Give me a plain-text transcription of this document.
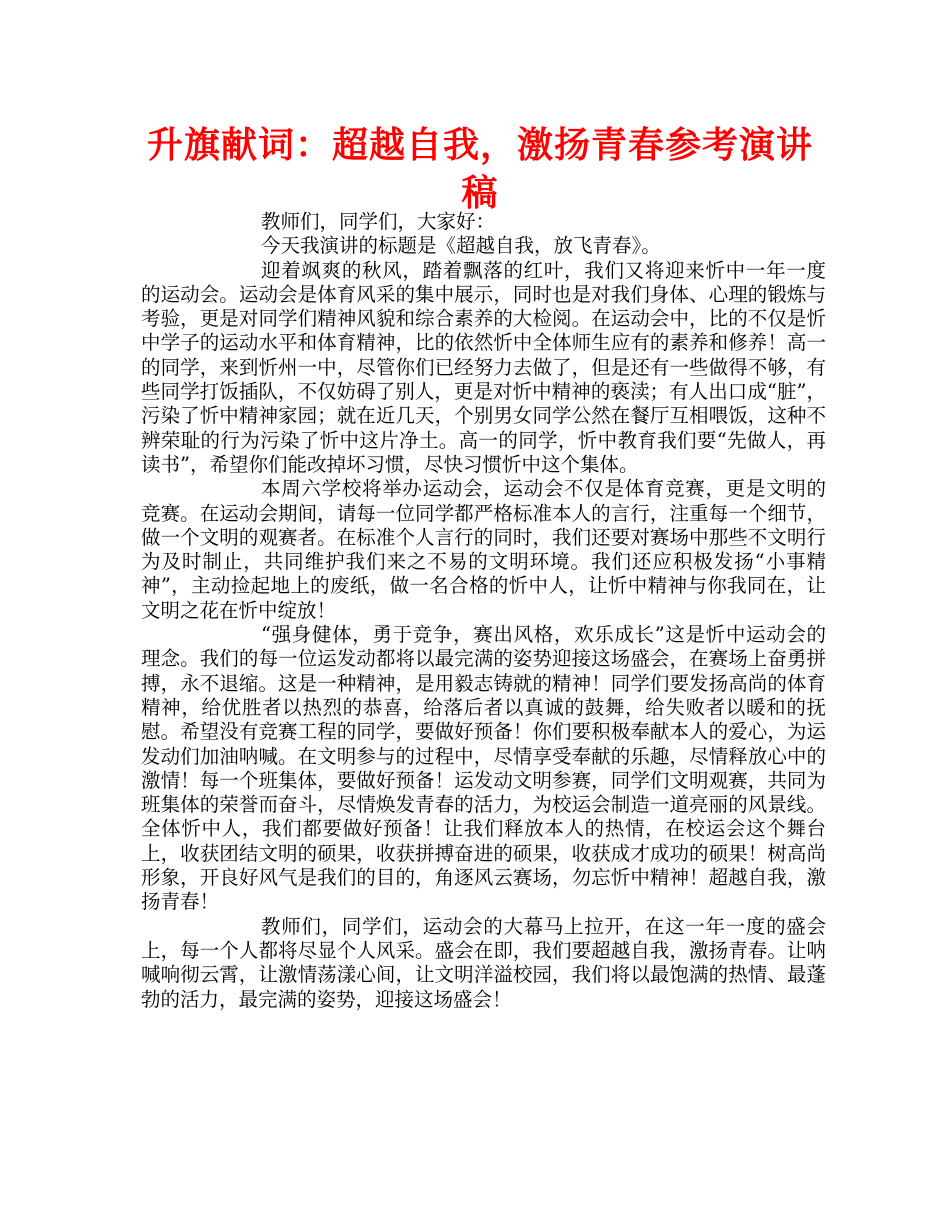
升旗献词：超越自我，激扬青春参考演讲稿

教师们，同学们，大家好：

今天我演讲的标题是《超越自我，放飞青春》。

迎着飒爽的秋风，踏着飘落的红叶，我们又将迎来忻中一年一度的运动会。运动会是体育风采的集中展示，同时也是对我们身体、心理的锻炼与考验，更是对同学们精神风貌和综合素养的大检阅。在运动会中，比的不仅是忻中学子的运动水平和体育精神，比的依然忻中全体师生应有的素养和修养！高一的同学，来到忻州一中，尽管你们已经努力去做了，但是还有一些做得不够，有些同学打饭插队，不仅妨碍了别人，更是对忻中精神的亵渎；有人出口成“脏”，污染了忻中精神家园；就在近几天，个别男女同学公然在餐厅互相喂饭，这种不辨荣耻的行为污染了忻中这片净土。高一的同学，忻中教育我们要“先做人，再读书”，希望你们能改掉坏习惯，尽快习惯忻中这个集体。

本周六学校将举办运动会，运动会不仅是体育竞赛，更是文明的竞赛。在运动会期间，请每一位同学都严格标准本人的言行，注重每一个细节，做一个文明的观赛者。在标准个人言行的同时，我们还要对赛场中那些不文明行为及时制止，共同维护我们来之不易的文明环境。我们还应积极发扬“小事精神”，主动捡起地上的废纸，做一名合格的忻中人，让忻中精神与你我同在，让文明之花在忻中绽放！

“强身健体，勇于竞争，赛出风格，欢乐成长”这是忻中运动会的理念。我们的每一位运发动都将以最完满的姿势迎接这场盛会，在赛场上奋勇拼搏，永不退缩。这是一种精神，是用毅志铸就的精神！同学们要发扬高尚的体育精神，给优胜者以热烈的恭喜，给落后者以真诚的鼓舞，给失败者以暖和的抚慰。希望没有竞赛工程的同学，要做好预备！你们要积极奉献本人的爱心，为运发动们加油呐喊。在文明参与的过程中，尽情享受奉献的乐趣，尽情释放心中的激情！每一个班集体，要做好预备！运发动文明参赛，同学们文明观赛，共同为班集体的荣誉而奋斗，尽情焕发青春的活力，为校运会制造一道亮丽的风景线。全体忻中人，我们都要做好预备！让我们释放本人的热情，在校运会这个舞台上，收获团结文明的硕果，收获拼搏奋进的硕果，收获成才成功的硕果！树高尚形象，开良好风气是我们的目的，角逐风云赛场，勿忘忻中精神！超越自我，激扬青春！

教师们，同学们，运动会的大幕马上拉开，在这一年一度的盛会上，每一个人都将尽显个人风采。盛会在即，我们要超越自我，激扬青春。让呐喊响彻云霄，让激情荡漾心间，让文明洋溢校园，我们将以最饱满的热情、最蓬勃的活力，最完满的姿势，迎接这场盛会！
